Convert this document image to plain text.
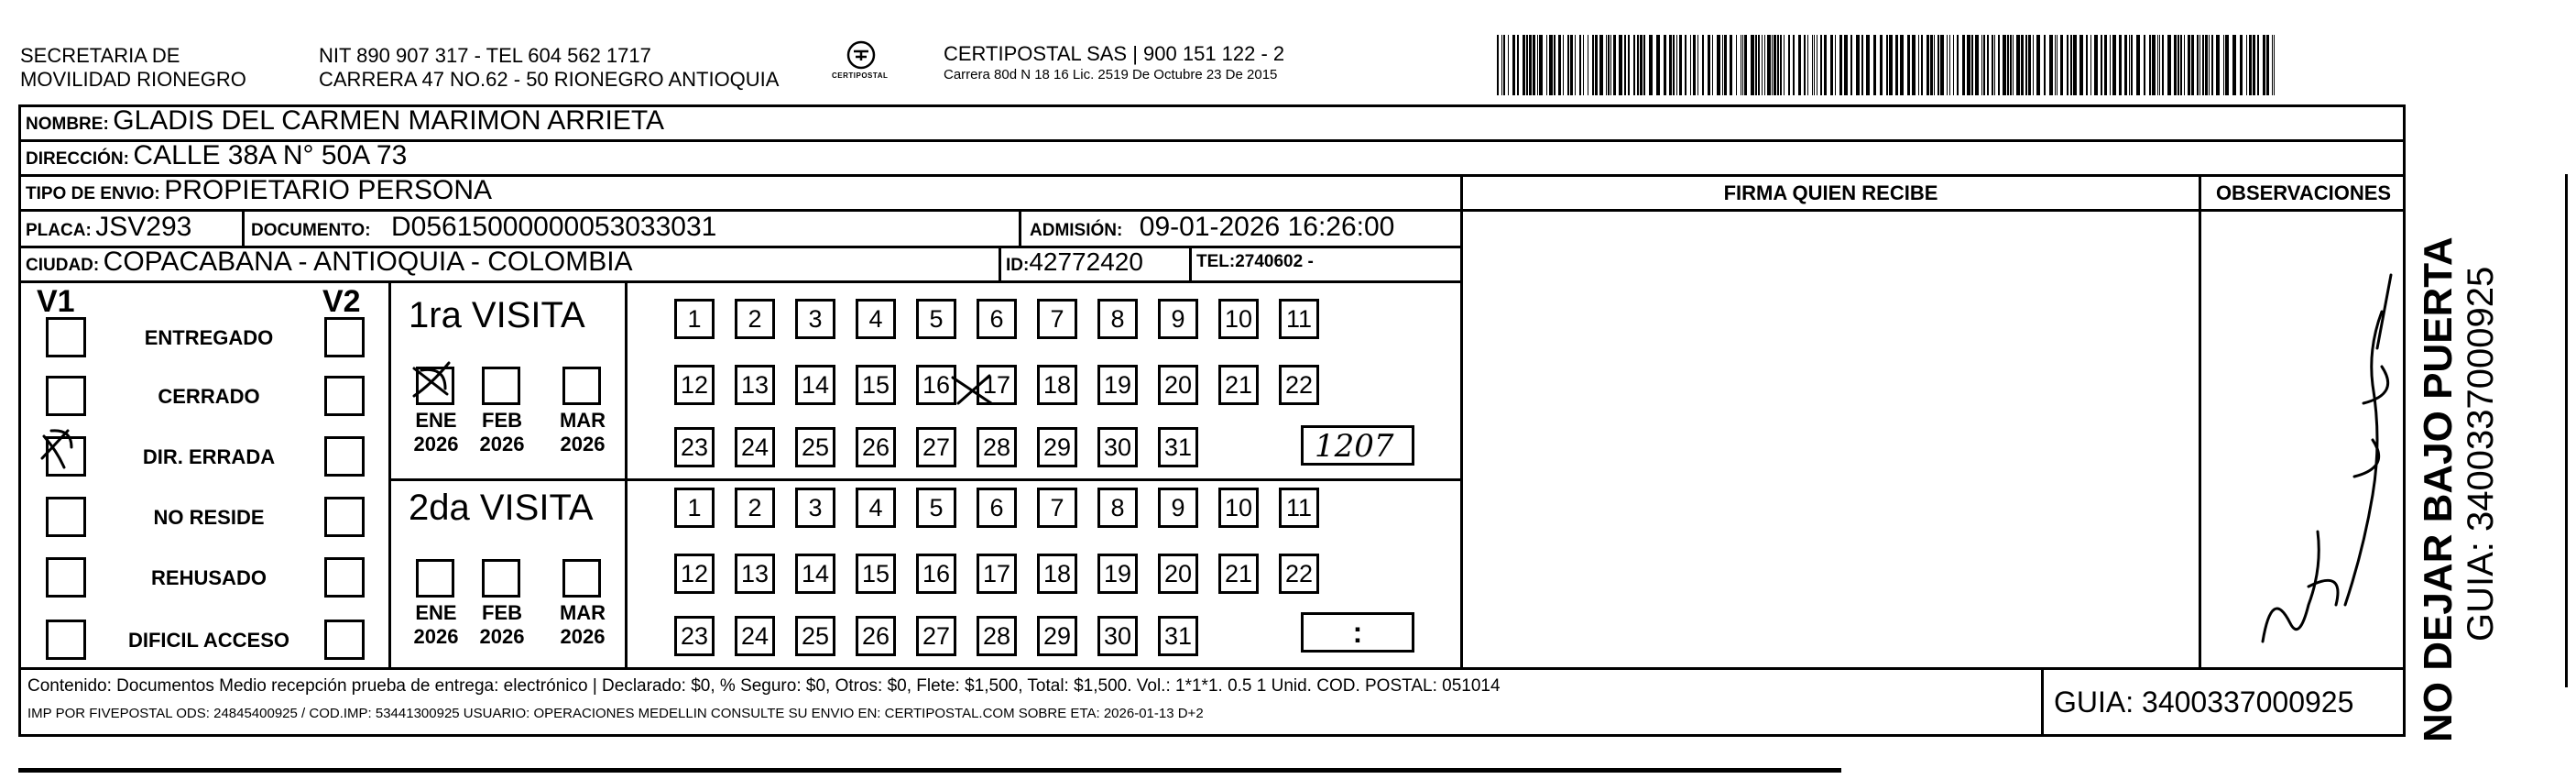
SECRETARIA DE
MOVILIDAD RIONEGRO
NIT 890 907 317 - TEL 604 562 1717
CARRERA 47 NO.62 - 50 RIONEGRO ANTIOQUIA	CERTIPOSTAL
CERTIPOSTAL SAS | 900 151 122 - 2
Carrera 80d N 18 16 Lic. 2519 De Octubre 23 De 2015
NOMBRE: GLADIS DEL CARMEN MARIMON ARRIETA
DIRECCIÓN: CALLE 38A N° 50A 73
TIPO DE ENVIO: PROPIETARIO PERSONA	FIRMA QUIEN RECIBE	OBSERVACIONES
PLACA: JSV293	DOCUMENTO: D05615000000053033031	ADMISIÓN: 09-01-2026 16:26:00
CIUDAD: COPACABANA - ANTIOQUIA - COLOMBIA	ID:42772420	TEL:2740602 -
V1	V2
ENTREGADO
CERRADO
DIR. ERRADA
NO RESIDE
REHUSADO
DIFICIL ACCESO
1ra VISITA
ENE
2026
FEB
2026
MAR
2026
1	2	3	4	5	6	7	8	9	10 11
12 13 14 15 16 17 18 19 20 21 22
23 24 25 26 27 28 29 30 31	1207
2da VISITA
ENE
2026
FEB
2026
MAR
2026
1	2	3	4	5	6	7	8	9	10 11
12 13 14 15 16 17 18 19 20 21 22
23 24 25 26 27 28 29 30 31	:
Contenido: Documentos Medio recepción prueba de entrega: electrónico | Declarado: $0, % Seguro: $0, Otros: $0, Flete: $1,500, Total: $1,500. Vol.: 1*1*1. 0.5 1 Unid. COD. POSTAL: 051014
IMP POR FIVEPOSTAL ODS: 24845400925 / COD.IMP: 53441300925 USUARIO: OPERACIONES MEDELLIN CONSULTE SU ENVIO EN: CERTIPOSTAL.COM SOBRE ETA: 2026-01-13 D+2	GUIA: 3400337000925 NO DEJAR BAJO PUERTA GUIA: 3400337000925
